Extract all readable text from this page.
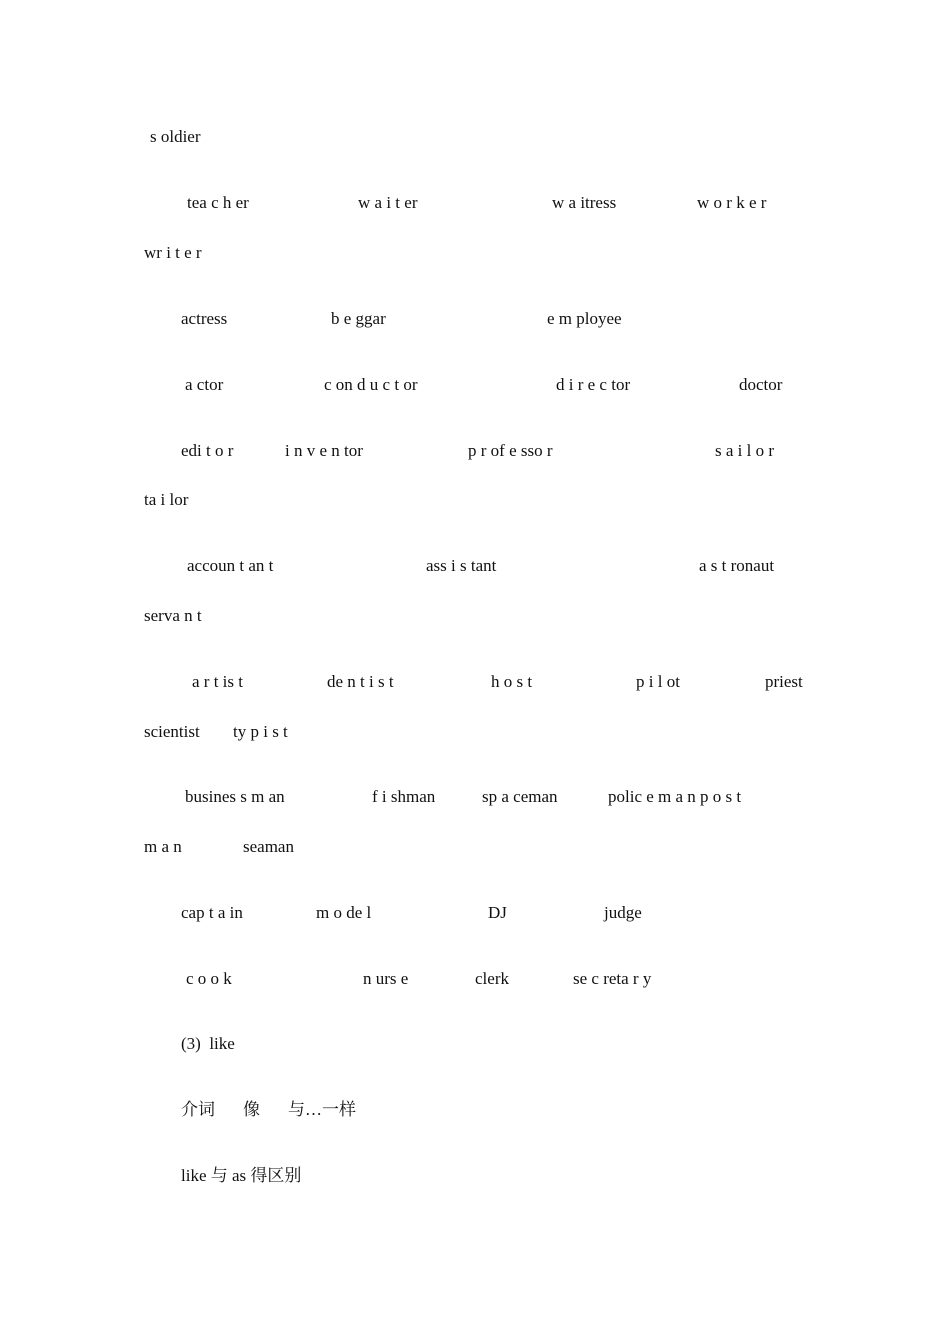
s oldier

tea c h er

	w a i t er

	w a itress

	w o r k e r

wr i t e r

actress

	b e ggar

	e m ployee

a ctor

	c on d u c t or

	d i r e c tor

	doctor

edi t o r

	i n v e n tor

	p r of e sso r

	s a i l o r

ta i lor

accoun t an t

	ass i s tant

	a s t ronaut

serva n t

a r t is t

	de n t i s t

	h o s t

	p i l ot

	priest

scientist

ty p i s t

busines s m an

	f i shman

	sp a ceman

	polic e m a n p o s t

m a n

	seaman

cap t a in

	m o de l

	DJ

	judge

c o o k

	n urs e

	clerk

	se c reta r y

(3)  like

介词

像

与…一样

like 与 as 得区别
